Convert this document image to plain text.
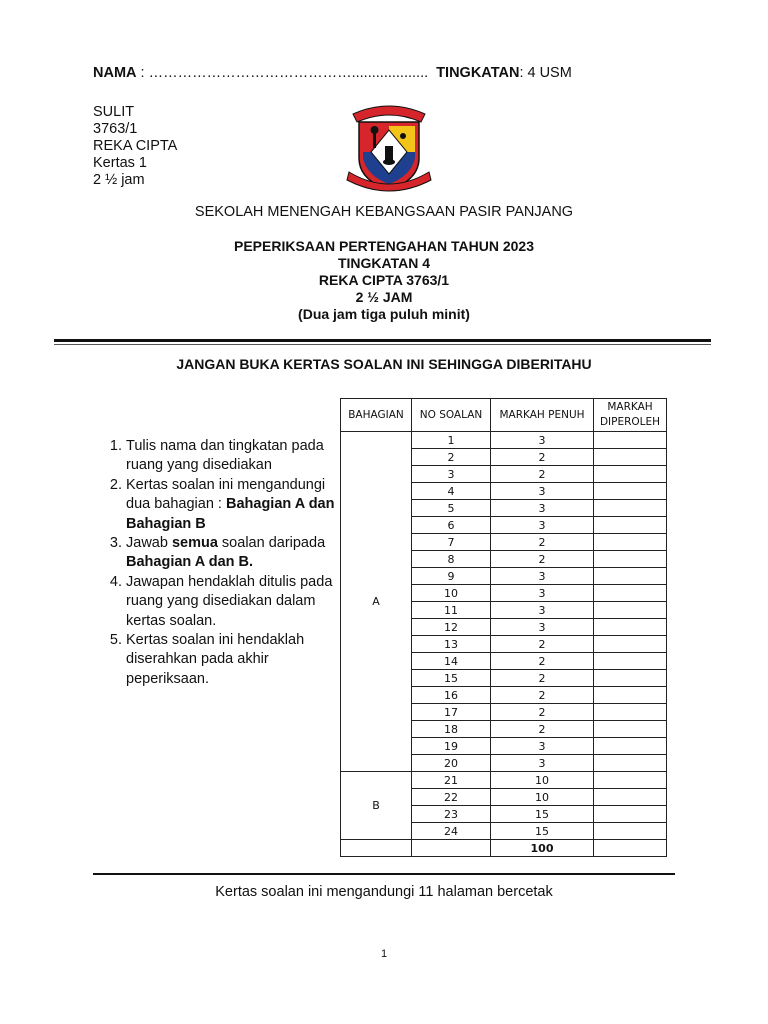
NAMA : ……………………………………................... TINGKATAN: 4 USM
SULIT
3763/1
REKA CIPTA
Kertas 1
2 ½ jam
SEKOLAH MENENGAH KEBANGSAAN PASIR PANJANG
PEPERIKSAAN PERTENGAHAN TAHUN 2023
TINGKATAN 4
REKA CIPTA 3763/1
2 ½ JAM
(Dua jam tiga puluh minit)
JANGAN BUKA KERTAS SOALAN INI SEHINGGA DIBERITAHU
1. Tulis nama dan tingkatan pada ruang yang disediakan
2. Kertas soalan ini mengandungi dua bahagian : Bahagian A dan Bahagian B
3. Jawab semua soalan daripada Bahagian A dan B.
4. Jawapan hendaklah ditulis pada ruang yang disediakan dalam kertas soalan.
5. Kertas soalan ini hendaklah diserahkan pada akhir peperiksaan.
BAHAGIAN	NO SOALAN	MARKAH PENUH	MARKAH
DIPEROLEH
A	1	3	
	2	2	
	3	2	
	4	3	
	5	3	
	6	3	
	7	2	
	8	2	
	9	3	
	10	3	
	11	3	
	12	3	
	13	2	
	14	2	
	15	2	
	16	2	
	17	2	
	18	2	
	19	3	
	20	3	
B	21	10	
	22	10	
	23	15	
	24	15	
		100	
Kertas soalan ini mengandungi 11 halaman bercetak
1
